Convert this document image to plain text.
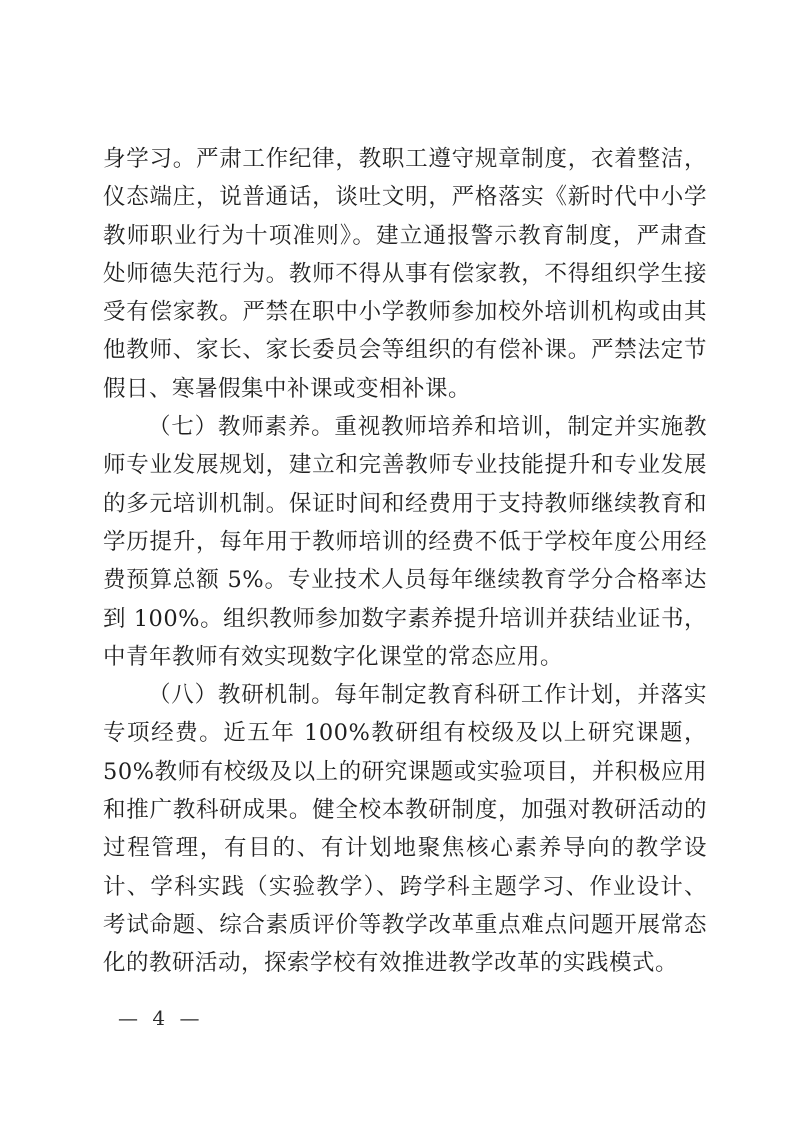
身学习。严肃工作纪律，教职工遵守规章制度，衣着整洁，仪态端庄，说普通话，谈吐文明，严格落实《新时代中小学教师职业行为十项准则》。建立通报警示教育制度，严肃查处师德失范行为。教师不得从事有偿家教，不得组织学生接受有偿家教。严禁在职中小学教师参加校外培训机构或由其他教师、家长、家长委员会等组织的有偿补课。严禁法定节假日、寒暑假集中补课或变相补课。

（七）教师素养。重视教师培养和培训，制定并实施教师专业发展规划，建立和完善教师专业技能提升和专业发展的多元培训机制。保证时间和经费用于支持教师继续教育和学历提升，每年用于教师培训的经费不低于学校年度公用经费预算总额 5%。专业技术人员每年继续教育学分合格率达到 100%。组织教师参加数字素养提升培训并获结业证书，中青年教师有效实现数字化课堂的常态应用。

（八）教研机制。每年制定教育科研工作计划，并落实专项经费。近五年 100%教研组有校级及以上研究课题，50%教师有校级及以上的研究课题或实验项目，并积极应用和推广教科研成果。健全校本教研制度，加强对教研活动的过程管理，有目的、有计划地聚焦核心素养导向的教学设计、学科实践（实验教学）、跨学科主题学习、作业设计、考试命题、综合素质评价等教学改革重点难点问题开展常态化的教研活动，探索学校有效推进教学改革的实践模式。

— 4 —
